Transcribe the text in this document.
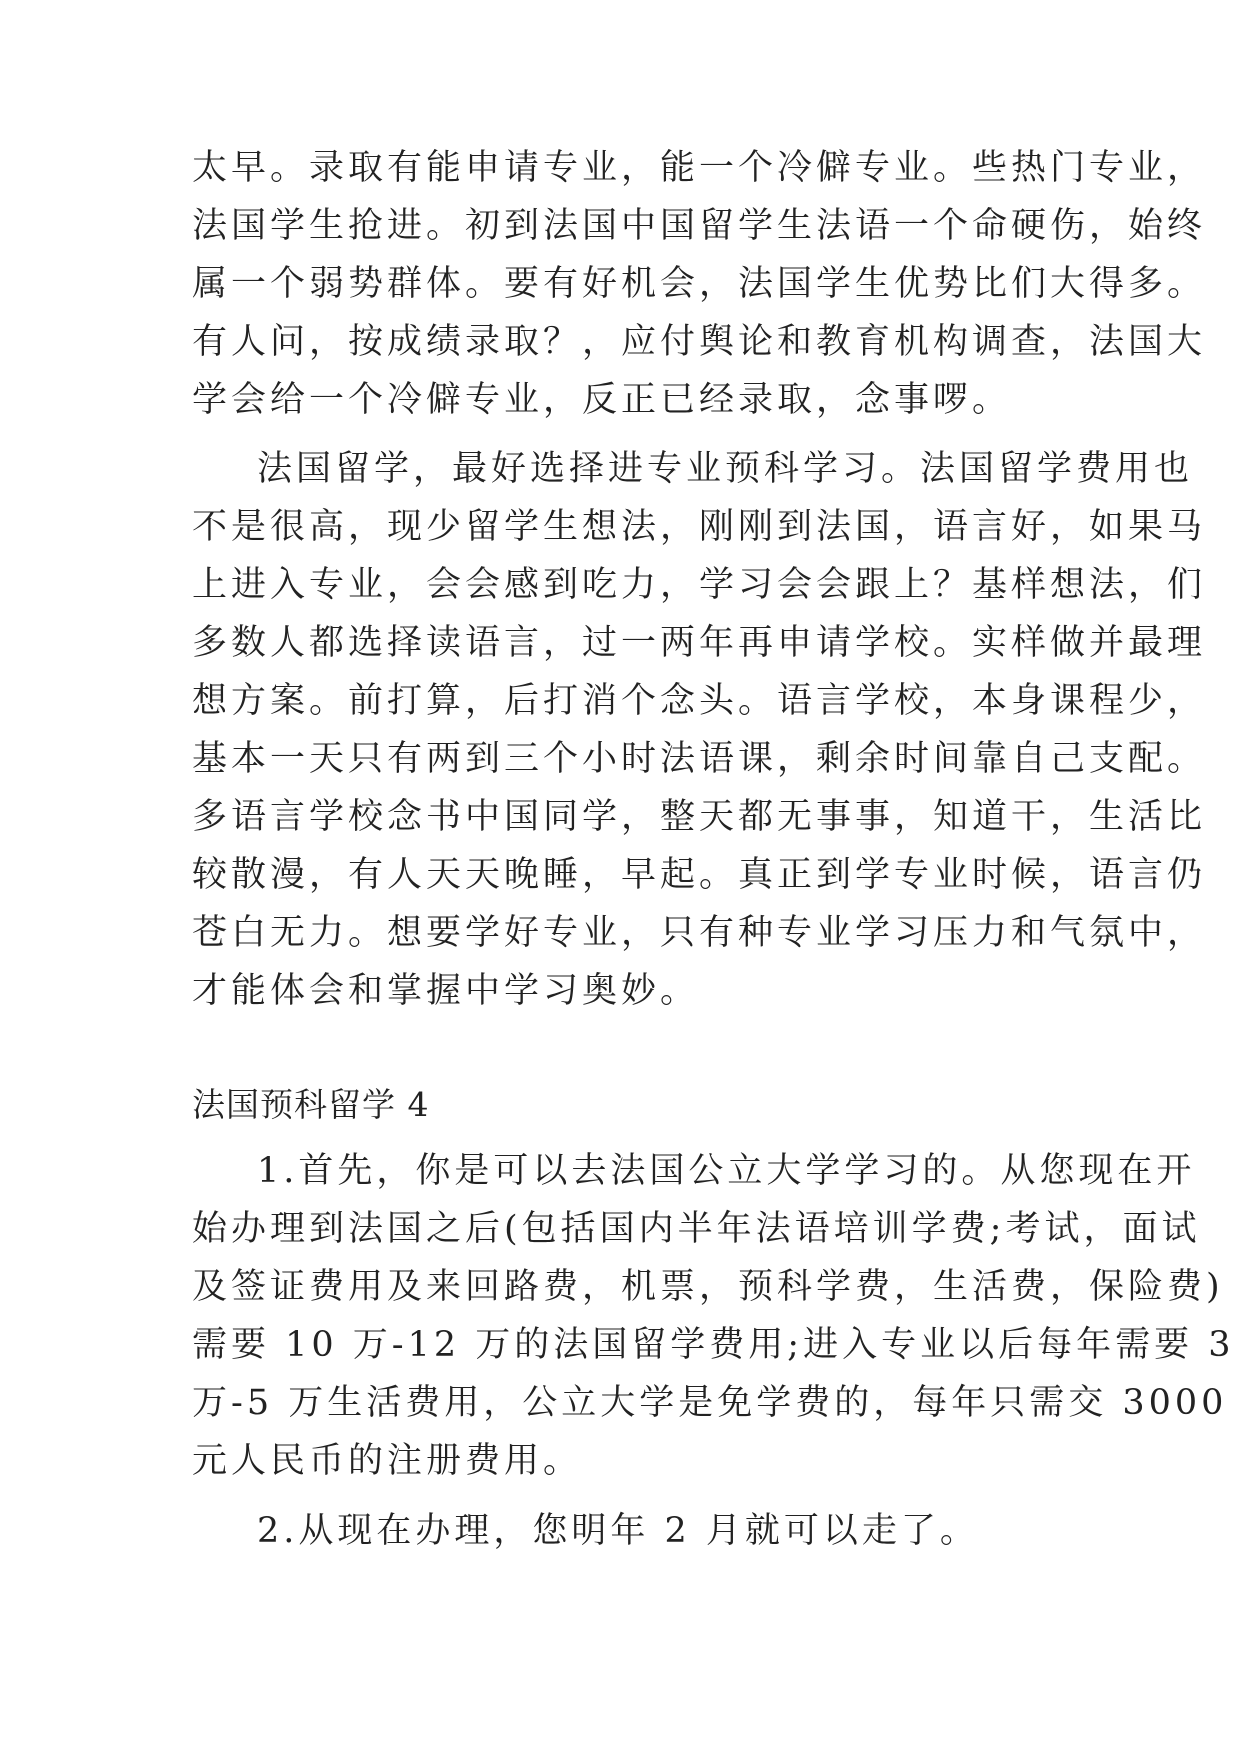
太早。录取有能申请专业，能一个冷僻专业。些热门专业，
法国学生抢进。初到法国中国留学生法语一个命硬伤，始终
属一个弱势群体。要有好机会，法国学生优势比们大得多。
有人问，按成绩录取？，应付舆论和教育机构调查，法国大
学会给一个冷僻专业，反正已经录取，念事啰。
法国留学，最好选择进专业预科学习。法国留学费用也
不是很高，现少留学生想法，刚刚到法国，语言好，如果马
上进入专业，会会感到吃力，学习会会跟上？基样想法，们
多数人都选择读语言，过一两年再申请学校。实样做并最理
想方案。前打算，后打消个念头。语言学校，本身课程少，
基本一天只有两到三个小时法语课，剩余时间靠自己支配。
多语言学校念书中国同学，整天都无事事，知道干，生活比
较散漫，有人天天晚睡，早起。真正到学专业时候，语言仍
苍白无力。想要学好专业，只有种专业学习压力和气氛中，
才能体会和掌握中学习奥妙。
法国预科留学 4
1.首先，你是可以去法国公立大学学习的。从您现在开
始办理到法国之后(包括国内半年法语培训学费;考试，面试
及签证费用及来回路费，机票，预科学费，生活费，保险费)
需要 10 万-12 万的法国留学费用;进入专业以后每年需要 3
万-5 万生活费用，公立大学是免学费的，每年只需交 3000
元人民币的注册费用。
2.从现在办理，您明年 2 月就可以走了。
